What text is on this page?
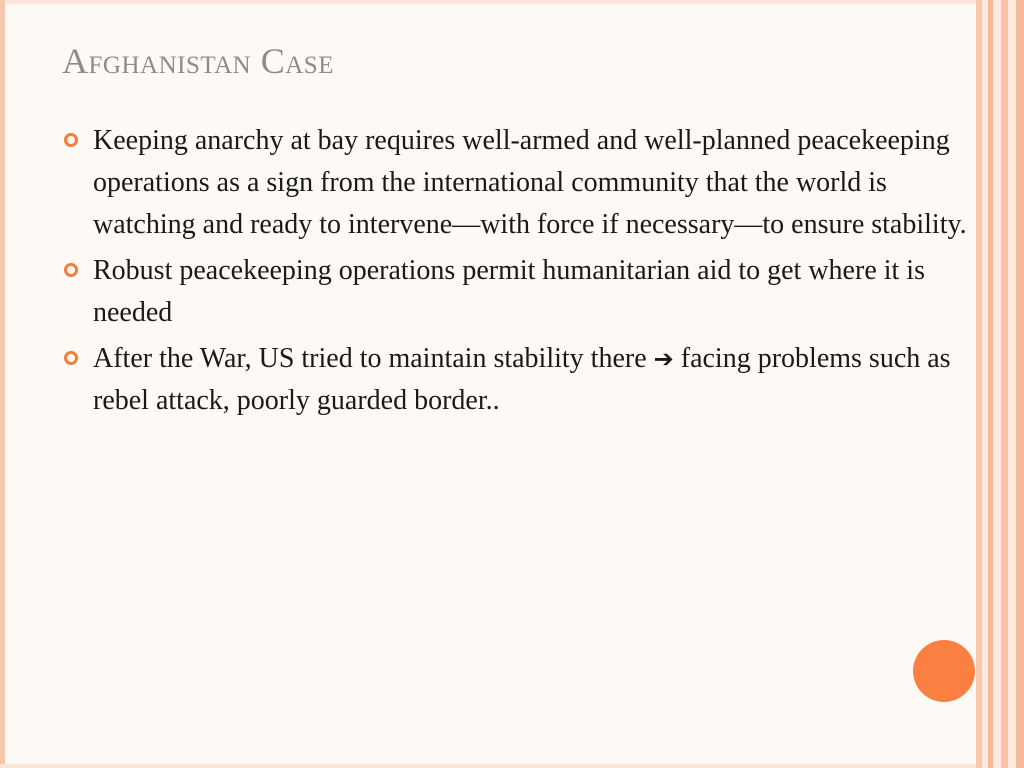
Afghanistan Case
Keeping anarchy at bay requires well-armed and well-planned peacekeeping operations as a sign from the international community that the world is watching and ready to intervene—with force if necessary—to ensure stability.
Robust peacekeeping operations permit humanitarian aid to get where it is needed
After the War, US tried to maintain stability there ➔ facing problems such as rebel attack, poorly guarded border..
